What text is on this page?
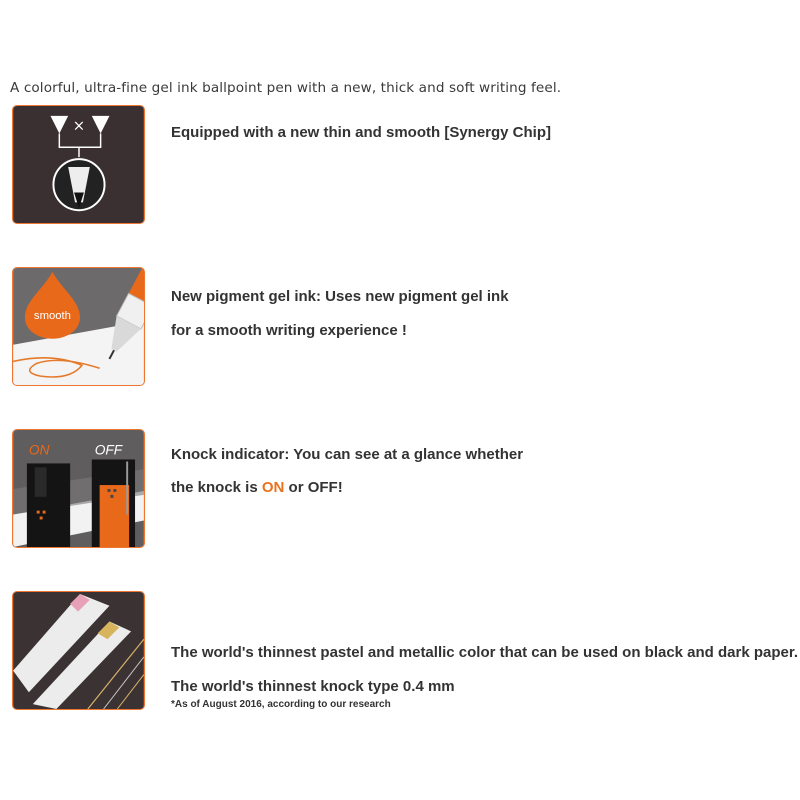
A colorful, ultra-fine gel ink ballpoint pen with a new, thick and soft writing feel.

×	Equipped with a new thin and smooth [Synergy Chip]

smooth

New pigment gel ink: Uses new pigment gel ink

for a smooth writing experience !

ON	OFF	Knock indicator: You can see at a glance whether

the knock is ON or OFF!

The world's thinnest pastel and metallic color that can be used on black and dark paper.

The world's thinnest knock type 0.4 mm

*As of August 2016, according to our research
